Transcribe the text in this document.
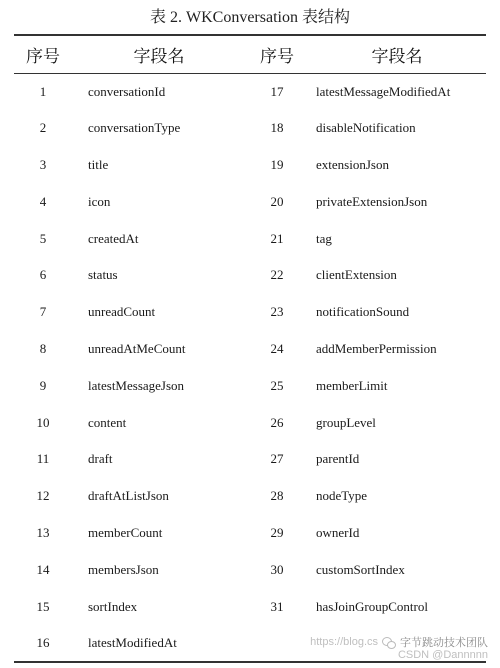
表 2. WKConversation 表结构
序号	字段名	序号	字段名
1	conversationId	17	latestMessageModifiedAt
2	conversationType	18	disableNotification
3	title	19	extensionJson
4	icon	20	privateExtensionJson
5	createdAt	21	tag
6	status	22	clientExtension
7	unreadCount	23	notificationSound
8	unreadAtMeCount	24	addMemberPermission
9	latestMessageJson	25	memberLimit
10	content	26	groupLevel
11	draft	27	parentId
12	draftAtListJson	28	nodeType
13	memberCount	29	ownerId
14	membersJson	30	customSortIndex
15	sortIndex	31	hasJoinGroupControl
16	latestModifiedAt			https://blog.cs 字节跳动技术团队
CSDN @Dannnnn
